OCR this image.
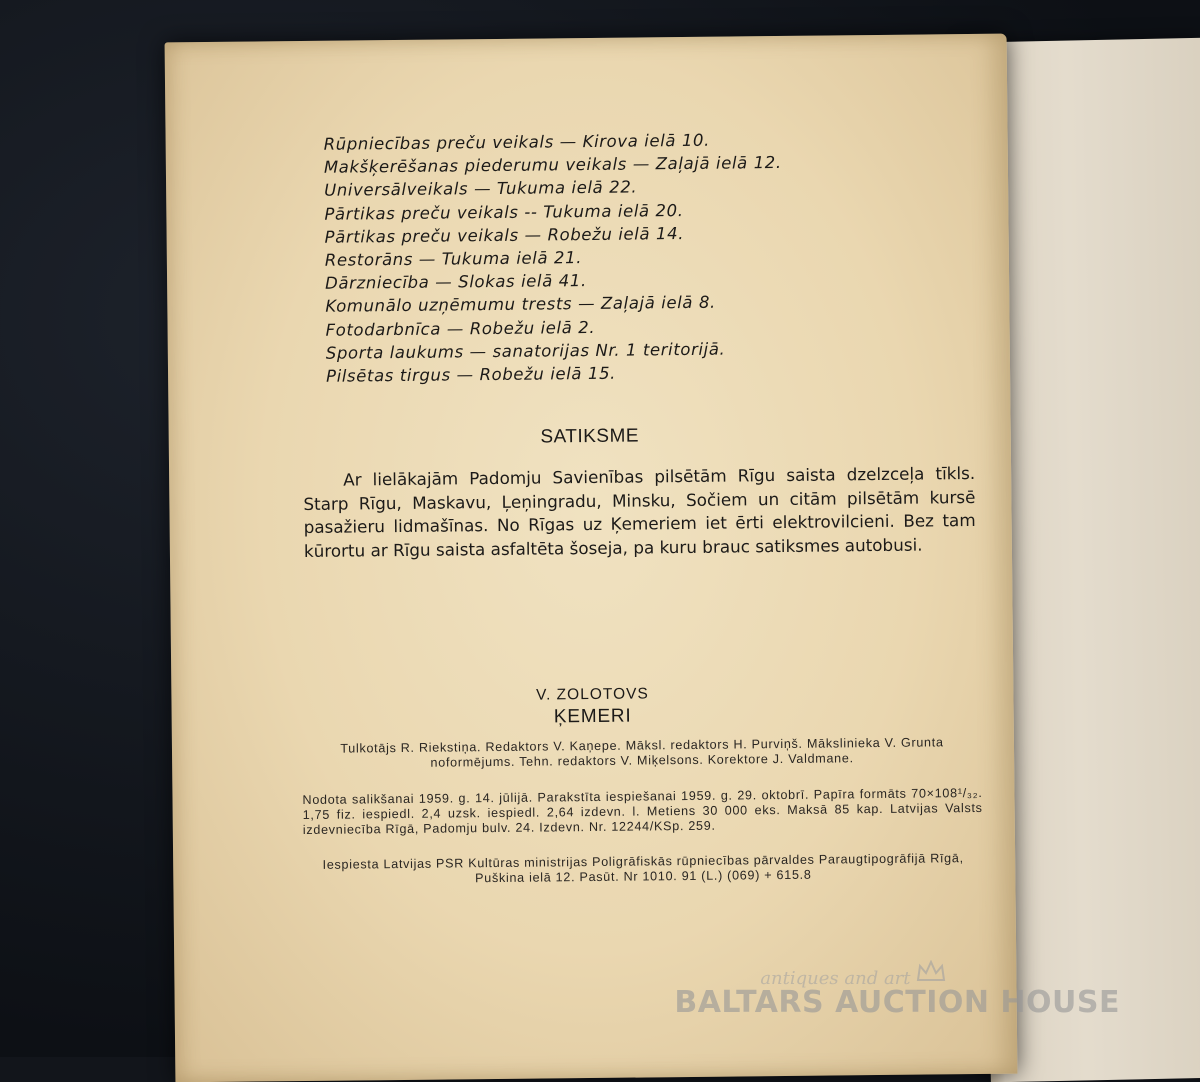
Rūpniecības preču veikals — Kirova ielā 10.
Makšķerēšanas piederumu veikals — Zaļajā ielā 12.
Universālveikals — Tukuma ielā 22.
Pārtikas preču veikals -- Tukuma ielā 20.
Pārtikas preču veikals — Robežu ielā 14.
Restorāns — Tukuma ielā 21.
Dārzniecība — Slokas ielā 41.
Komunālo uzņēmumu trests — Zaļajā ielā 8.
Fotodarbnīca — Robežu ielā 2.
Sporta laukums — sanatorijas Nr. 1 teritorijā.
Pilsētas tirgus — Robežu ielā 15.
SATIKSME

Ar lielākajām Padomju Savienības pilsētām Rīgu saista dzelzceļa tīkls. Starp Rīgu, Maskavu, Ļeņingradu, Minsku, Sočiem un citām pilsētām kursē pasažieru lidmašīnas. No Rīgas uz Ķemeriem iet ērti elektrovilcieni. Bez tam kūrortu ar Rīgu saista asfaltēta šoseja, pa kuru brauc satiksmes autobusi.

V. ZOLOTOVS
ĶEMERI

Tulkotājs R. Riekstiņa. Redaktors V. Kaņepe. Māksl. redaktors H. Purviņš. Mākslinieka V. Grunta noformējums. Tehn. redaktors V. Miķelsons. Korektore J. Valdmane.

Nodota salikšanai 1959. g. 14. jūlijā. Parakstīta iespiešanai 1959. g. 29. oktobrī. Papīra formāts 70×108¹/₃₂. 1,75 fiz. iespiedl. 2,4 uzsk. iespiedl. 2,64 izdevn. l. Metiens 30 000 eks. Maksā 85 kap. Latvijas Valsts izdevniecība Rīgā, Padomju bulv. 24. Izdevn. Nr. 12244/KSp. 259.

Iespiesta Latvijas PSR Kultūras ministrijas Poligrāfiskās rūpniecības pārvaldes Paraugtipogrāfijā Rīgā, Puškina ielā 12. Pasūt. Nr 1010. 91 (L.) (069) + 615.8

antiques and art
BALTARS AUCTION HOUSE
